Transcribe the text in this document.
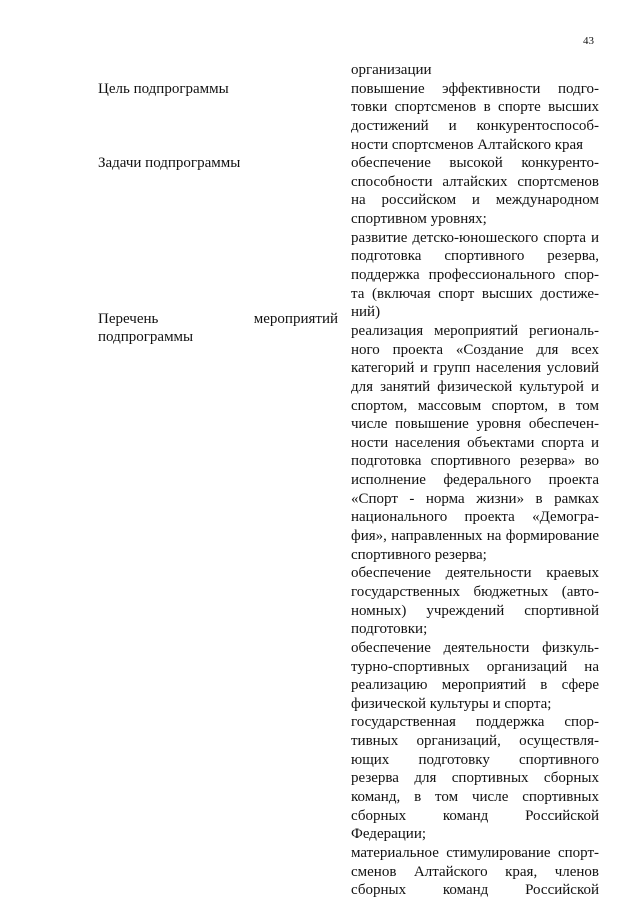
43
Цель подпрограммы
Задачи подпрограммы
Перечень	мероприятий
подпрограммы
организации
повышение эффективности подго-
товки спортсменов в спорте высших
достижений и конкурентоспособ-
ности спортсменов Алтайского края
обеспечение высокой конкуренто-
способности алтайских спортсменов
на российском и международном
спортивном уровнях;
развитие детско-юношеского спорта и
подготовка спортивного резерва,
поддержка профессионального спор-
та (включая спорт высших достиже-
ний)
реализация мероприятий региональ-
ного проекта «Создание для всех
категорий и групп населения условий
для занятий физической культурой и
спортом, массовым спортом, в том
числе повышение уровня обеспечен-
ности населения объектами спорта и
подготовка спортивного резерва» во
исполнение федерального проекта
«Спорт - норма жизни» в рамках
национального проекта «Демогра-
фия», направленных на формирование
спортивного резерва;
обеспечение деятельности краевых
государственных бюджетных (авто-
номных) учреждений спортивной
подготовки;
обеспечение деятельности физкуль-
турно-спортивных организаций на
реализацию мероприятий в сфере
физической культуры и спорта;
государственная поддержка спор-
тивных организаций, осуществля-
ющих подготовку спортивного
резерва для спортивных сборных
команд, в том числе спортивных
сборных команд Российской
Федерации;
материальное стимулирование спорт-
сменов Алтайского края, членов
сборных команд Российской
